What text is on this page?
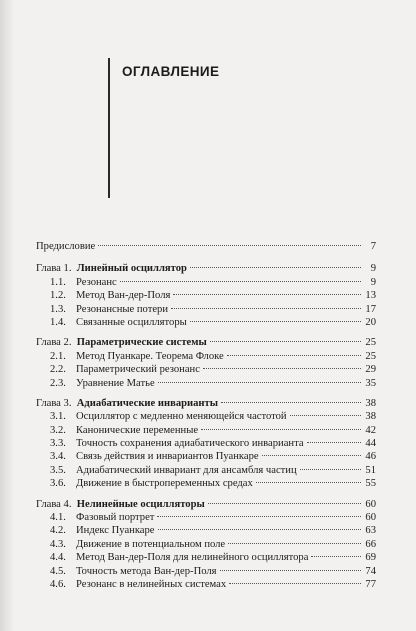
ОГЛАВЛЕНИЕ
Предисловие	7
Глава 1. Линейный осциллятор	9
1.1. Резонанс	9
1.2. Метод Ван-дер-Поля	13
1.3. Резонансные потери	17
1.4. Связанные осцилляторы	20
Глава 2. Параметрические системы	25
2.1. Метод Пуанкаре. Теорема Флоке	25
2.2. Параметрический резонанс	29
2.3. Уравнение Матье	35
Глава 3. Адиабатические инварианты	38
3.1. Осциллятор с медленно меняющейся частотой	38
3.2. Канонические переменные	42
3.3. Точность сохранения адиабатического инварианта	44
3.4. Связь действия и инвариантов Пуанкаре	46
3.5. Адиабатический инвариант для ансамбля частиц	51
3.6. Движение в быстропеременных средах	55
Глава 4. Нелинейные осцилляторы	60
4.1. Фазовый портрет	60
4.2. Индекс Пуанкаре	63
4.3. Движение в потенциальном поле	66
4.4. Метод Ван-дер-Поля для нелинейного осциллятора	69
4.5. Точность метода Ван-дер-Поля	74
4.6. Резонанс в нелинейных системах	77
